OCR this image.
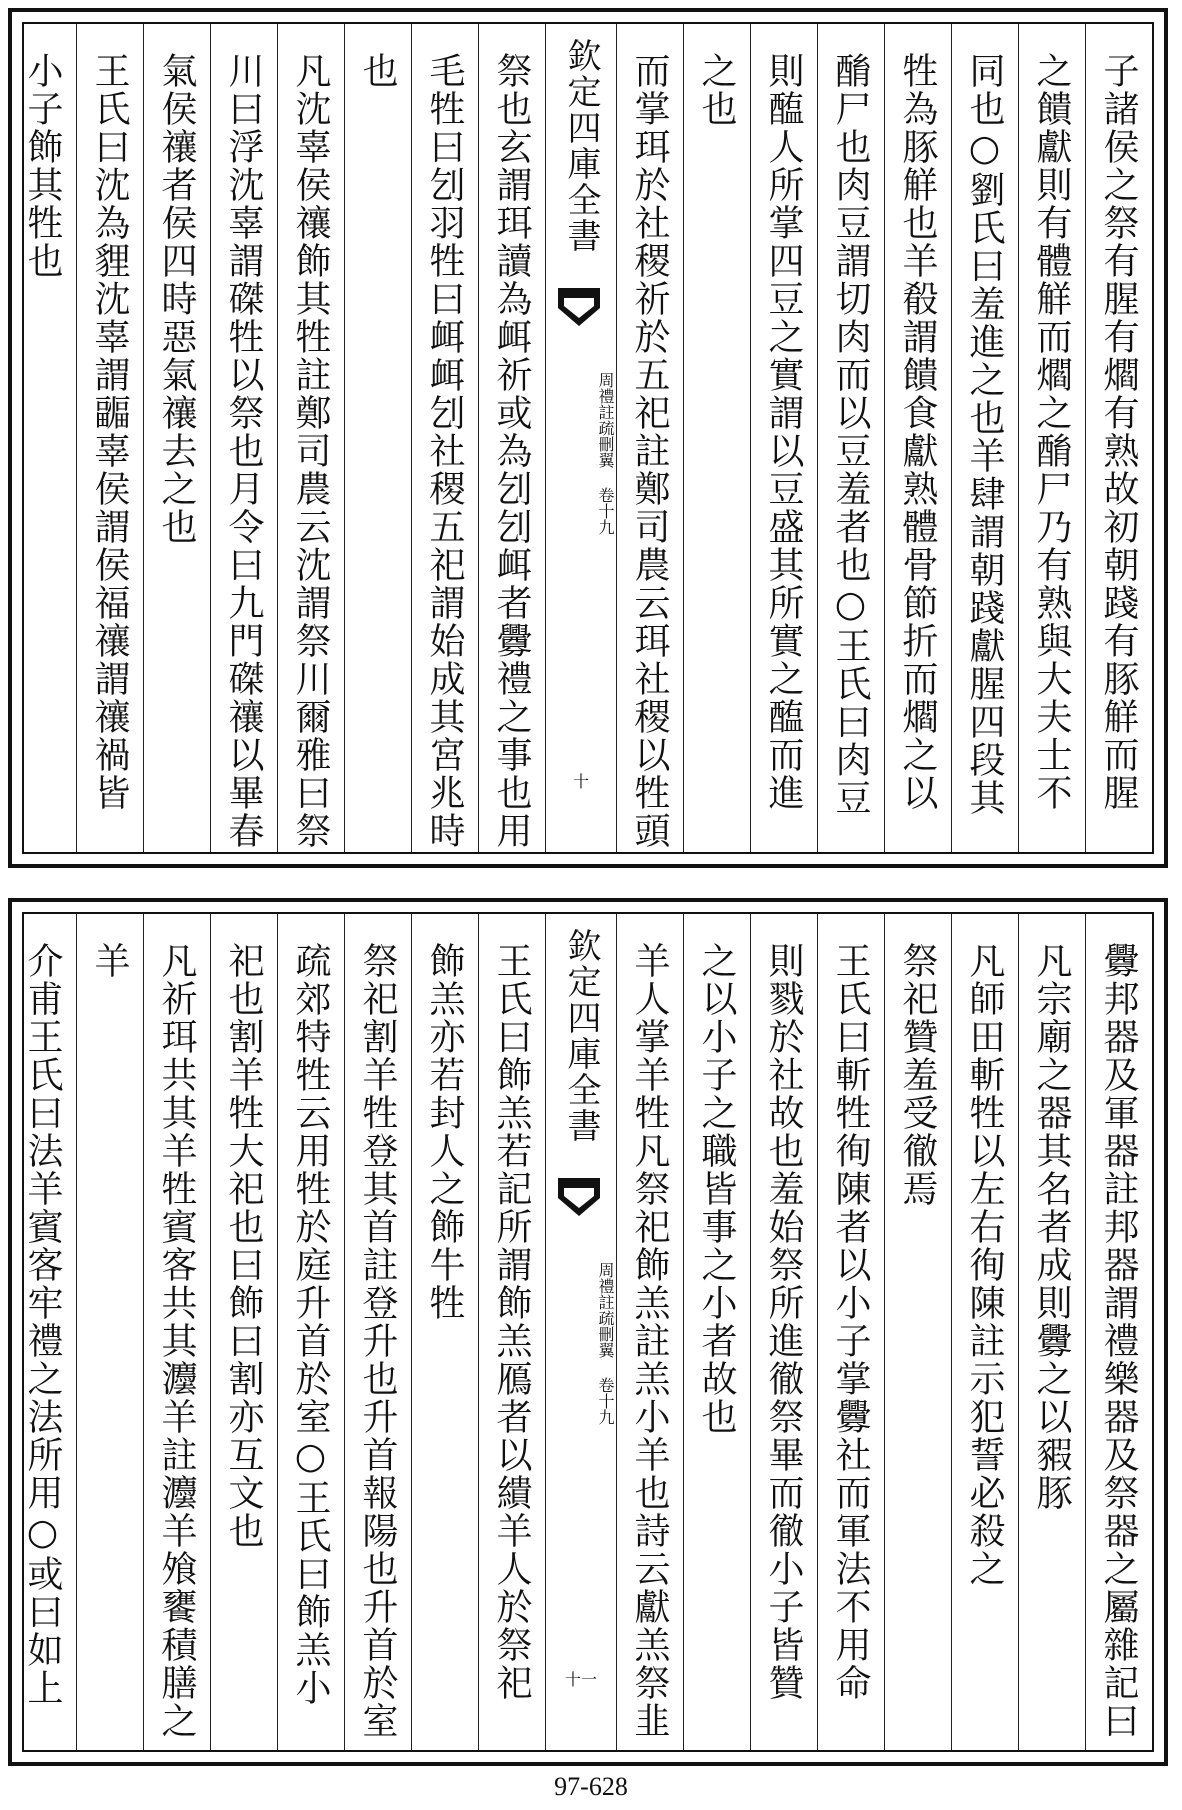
子諸侯之祭有腥有爓有熟故初朝踐有豚觧而腥
之饋獻則有體觧而爓之酳尸乃有熟與大夫士不
同也○劉氏曰羞進之也羊肆謂朝踐獻腥四段其
牲為豚觧也羊殽謂饋食獻熟體骨節折而爓之以
酳尸也肉豆謂切肉而以豆羞者也○王氏曰肉豆
則醢人所掌四豆之實謂以豆盛其所實之醢而進
之也
而掌珥於社稷祈於五祀註鄭司農云珥社稷以牲頭
欽定四庫全書
周禮註疏刪翼 卷十九
十
祭也玄謂珥讀為衈祈或為刉刉衈者釁禮之事也用
毛牲曰刉羽牲曰衈衈刉社稷五祀謂始成其宮兆時
也
凡沈辜侯禳飾其牲註鄭司農云沈謂祭川爾雅曰祭
川曰浮沈辜謂磔牲以祭也月令曰九門磔禳以畢春
氣侯禳者侯四時惡氣禳去之也
王氏曰沈為貍沈辜謂疈辜侯謂侯福禳謂禳禍皆
小子飾其牲也
釁邦器及軍器註邦器謂禮樂器及祭器之屬雜記曰
凡宗廟之器其名者成則釁之以豭豚
凡師田斬牲以左右徇陳註示犯誓必殺之
祭祀贊羞受徹焉
王氏曰斬牲徇陳者以小子掌釁社而軍法不用命
則戮於社故也羞始祭所進徹祭畢而徹小子皆贊
之以小子之職皆事之小者故也
羊人掌羊牲凡祭祀飾羔註羔小羊也詩云獻羔祭韭
欽定四庫全書
周禮註疏刪翼 卷十九
十一
王氏曰飾羔若記所謂飾羔鴈者以繢羊人於祭祀
飾羔亦若封人之飾牛牲
祭祀割羊牲登其首註登升也升首報陽也升首於室
疏郊特牲云用牲於庭升首於室○王氏曰飾羔小
祀也割羊牲大祀也曰飾曰割亦互文也
凡祈珥共其羊牲賓客共其灋羊註灋羊飧饔積膳之
羊
介甫王氏曰法羊賓客牢禮之法所用○或曰如上
97-628
